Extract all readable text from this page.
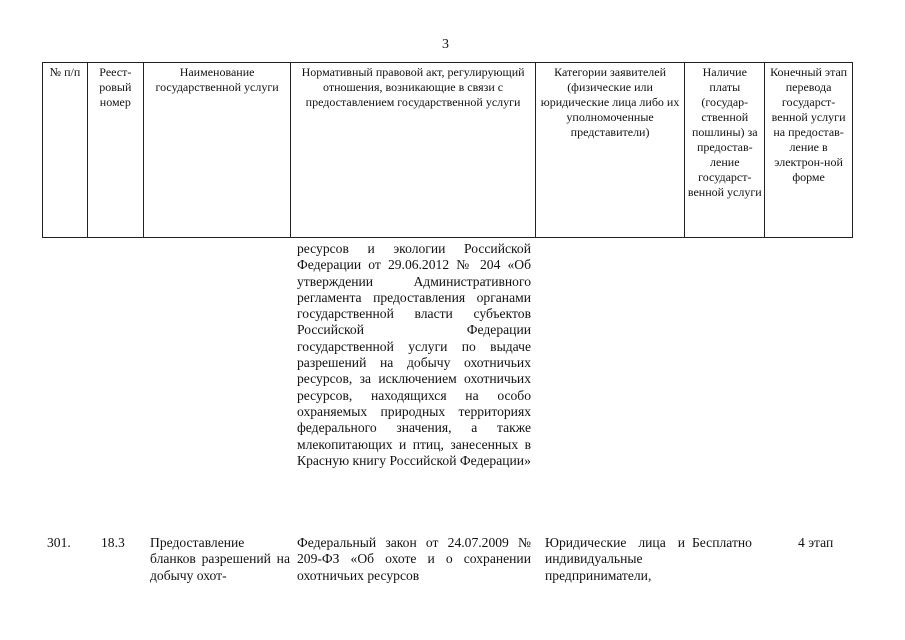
3
№ п/п	Реест-ровый номер
Наименование государственной услуги
Нормативный правовой акт, регулирующий отношения, возникающие в связи с предоставлением государственной услуги
Категории заявителей (физические или юридические лица либо их уполномоченные представители)
Наличие платы (государ-ственной пошлины) за предостав-ление государст-венной услуги
Конечный этап перевода государст-венной услуги на предостав-ление в электрон-ной форме
ресурсов и экологии Российской Федерации от 29.06.2012 № 204 «Об утверждении Административного регламента предоставления органами государственной власти субъектов Российской Федерации государственной услуги по выдаче разрешений на добычу охотничьих ресурсов, за исключением охотничьих ресурсов, находящихся на особо охраняемых природных территориях федерального значения, а также млекопитающих и птиц, занесенных в Красную книгу Российской Федерации»
301. 18.3 Предоставление бланков разрешений на добычу охот-
Федеральный закон от 24.07.2009 № 209-ФЗ «Об охоте и о сохранении охотничьих ресурсов
Юридические лица и индивидуальные предприниматели,
Бесплатно	4 этап
